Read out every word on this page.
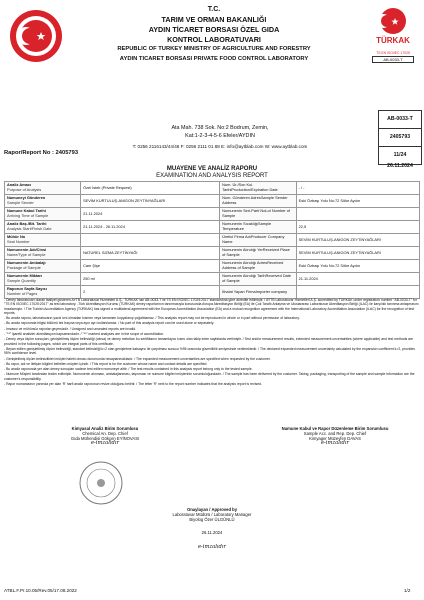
T.C.
TARIM VE ORMAN BAKANLIĞI
AYDIN TİCARET BORSASI ÖZEL GIDA
KONTROL LABORATUVARI
REPUBLIC OF TURKEY MINISTRY OF AGRICULTURE AND FORESTRY
AYDIN TICARET BORSASI PRIVATE FOOD CONTROL LABORATORY
TÜRKAK
TS EN ISO/IEC 17025
AB-0033-T
Ata Mah. 738 Sok. No:2 Bodrum, Zemin,
Kat:1-2-3-4-5-6 Efeler/AYDIN
T: 0256 2116143/44/46 F: 0256 2111 01 88 E: info@aytblab.com W: www.aytblab.com
AB-0033-T
2405793
11/24
26.11.2024
Rapor/Report No : 2405793
MUAYENE VE ANALİZ RAPORU
EXAMINATION AND ANALYSIS REPORT
Analiz Amacı
Purpose of Analysis	Özel İstek (Private Request)	Num. Ür./Son Kul. TarihiProduction/Expiration Date	- / -

Numuneyi Gönderen
Sample Sender	SEVİM KURTULUŞ-ANIGON ZEYTİNYAĞLARI	Num. Gönderen AdresSample Sender Address	Eski Özbaşı Yolu No:72 Söke Aydın

Numune Kabul Tarihi
Arriving Time of Sample	21.11.2024	Numunenin Seri-Parti NoLot Number of Sample	

Analiz Baş./Bit. Tarihi
Analysis Start/Finish Date	21.11.2024 - 26.11.2024	Numunenin SıcaklığıSample Temperature	22,5

Mühür No
Seal Number		Üretici Firma AdıProducer Company Name	SEVİM KURTULUŞ-ANIGON ZEYTİNYAĞLARI

Numunenin Adı/Cinsi
Name/Type of Sample	NATUREL SIZMA ZEYTİNYAĞI	Numunenin Alındığı YerReceived Place of Sample	SEVİM KURTULUŞ-ANIGON ZEYTİNYAĞLARI

Numunenin Ambalajı
Package of Sample	Cam Şişe	Numunenin Alındığı AdresReceived Address of Sample	Eski Özbaşı Yolu No:72 Söke Aydın

Numunenin Miktarı
Sample Quantity	250 ml	Numunenin Alındığı TarihReceived Date of Sample	21.11.2024

Raporun Sayfa Sayısı
Number of Pages	2	İthalat Yapan FirmaImporter company	

- Deney laboratuvarı olarak faaliyet gösteren AYTB Laboratuvar Hizmetleri A.Ş., TÜRKAK' tan AB-0033-T ile TS EN ISO/IEC 17025:2017 standardına göre akredite edilmiştir. / AYTB Laboratuvar Hizmetleri A.Ş. accredited by TÜRKAK under registration number "AB-0033-T" for "TS EN ISO/IEC 17025:2017" as test laboratory. -Türk Akreditasyon Kurumu (TÜRKAK) deney raporlarının tanınmasıyla konusunda Avrupa Akreditasyon Birliği (EA) ile Çok Taraflı Anlaşma ve Uluslararası Laboratuvar Akreditasyon Birliği (ILAC) ile karşılıklı tanınma anlaşmasını imzalamıştır. / The Turkish Accreditation Agency (TÜRKAK) has signed a multilateral agreement with the European Accreditation Association (EA) and a mutual recognition agreement with the International Laboratory Accreditation Association (ILAC) for the recognition of test reports.

- Bu analiz raporu, laboratuvarın yazılı izni olmadan kısmen veya tamamen kopyalanıp çoğaltılamaz. / This analysis report may not be reproduced in whole or in part without permission of laboratory.

- Bu analiz raporunda bilgisi bölümü tek başına veya aynı ayrı kullanılamaz. / No part of this analysis report can be used alone or separately.

- İmzasız ve mühürsüz raporlar geçersizdir. / Unsigned and unsealed reports are invalid.

- "**" işaretli analizler akreditasyon kapsamındadır. / "**" marked analyses are in the scope of accreditation.

- Deney veya ölçüm sonuçları, genişletilmiş ölçüm belirsizliği (varsa) ve deney metotları bu sertifikanın tamamlayıcı kısmı olan takip eden sayfalarda verilmiştir. / Test and/or measurement results, extended measurement uncertainties (where applicable) and test methods are provided in the following pages, which are integral parts of this certificate.

- Beyan edilen genişletilmiş ölçüm belirsizliği, standart belirsizliği k=2 olan genişletme katsayısı ile çarpılması sonucu %95 oranında güvenilirlik seviyesinde verilmektedir. / The declared expanded measurement uncertainty calculated by the expansion coefficient k=2, provides 95% confidence level.

- Genişletilmiş ölçüm belirsizlikleri müşteri talebi olması durumunda hesaplanmaktadır. / The expanded measurement uncertainties are specified when requested by the customer.

- Bu rapor, adı ve iletişim bilgileri belirtilen müşteri içindir. / This report is for the customer whose name and contact details are specified.

- Bu analiz raporunda yer alan deney sonuçları sadece test edilen numuneye aittir. / The test results contained in this analysis report belong only to the tested sample.

- Numune Müşteri tarafından teslim edilmiştir. Numunenin alınması, ambalajlanması, taşınması ve numune bilgileri müşterinin sorumluluğundadır. / The sample has been delivered by the customer. Taking, packaging, transporting of the sample and sample information are the customer's responsibility.

- Rapor numarasının yanında yer alan 'R' harfi analiz raporunun revize olduğunu belirtir. / The letter 'R' next to the report number indicates that the analysis report is revised.

Kimyasal Analiz Birim Sorumlusu
Chemical An. Dep. Chief
Gıda Mühendisi Gökçen EYİNOVASI
e-imzalıdır
Numune Kabul ve Rapor Düzenleme Birim Sorumlusu
Sample Acc. and Rep. Dep. Chief
Kimyager Müzeyfen DAVAS
e-imzalıdır
Onaylayan / Approved by
Laboratuvar Müdürü / Laboratory Manager
Biyolog Özer ÜLGÜNLÜ
26.11.2024
e-imzalıdır
ATBL.F.Pr.10.05/Rev.05/17.08.2022	1/2
